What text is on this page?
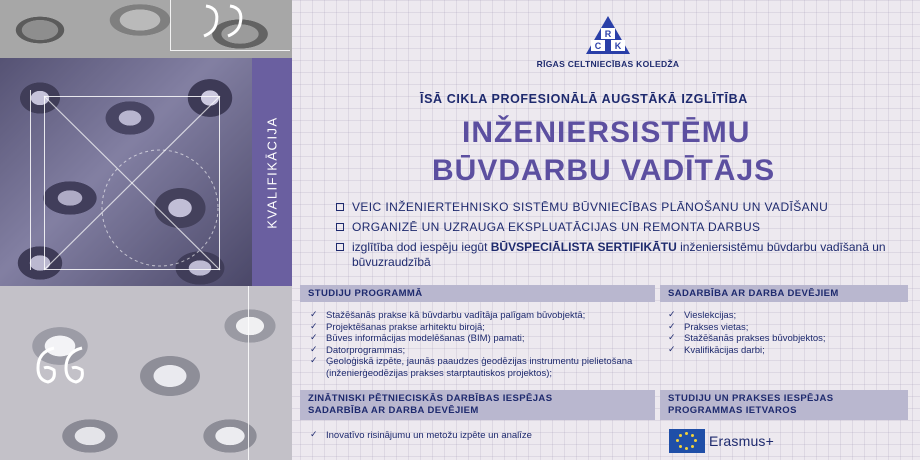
KVALIFIKĀCIJA
R
C K
RĪGAS CELTNIECĪBAS KOLEDŽA
ĪSĀ CIKLA PROFESIONĀLĀ AUGSTĀKĀ IZGLĪTĪBA
INŽENIERSISTĒMU
BŪVDARBU VADĪTĀJS
VEIC INŽENIERTEHNISKO SISTĒMU BŪVNIECĪBAS PLĀNOŠANU UN VADĪŠANU
ORGANIZĒ UN UZRAUGA EKSPLUATĀCIJAS UN REMONTA DARBUS
izglītība dod iespēju iegūt BŪVSPECIĀLISTA SERTIFIKĀTU inženiersistēmu būvdarbu vadīšanā un būvuzraudzībā
STUDIJU PROGRAMMĀ
✓ Stažēšanās prakse kā būvdarbu vadītāja palīgam būvobjektā;
✓ Projektēšanas prakse arhitektu birojā;
✓ Būves informācijas modelēšanas (BIM) pamati;
✓ Datorprogrammas;
✓ Ģeoloģiskā izpēte, jaunās paaudzes ģeodēzijas instrumentu pielietošana (inženierģeodēzijas prakses starptautiskos projektos);
SADARBĪBA AR DARBA DEVĒJIEM
✓ Vieslekcijas;
✓ Prakses vietas;
✓ Stažēšanās prakses būvobjektos;
✓ Kvalifikācijas darbi;
ZINĀTNISKI PĒTNIECISKĀS DARBĪBAS IESPĒJAS
SADARBĪBA AR DARBA DEVĒJIEM
✓ Inovatīvo risinājumu un metožu izpēte un analīze
STUDIJU UN PRAKSES IESPĒJAS
PROGRAMMAS IETVAROS
Erasmus+
